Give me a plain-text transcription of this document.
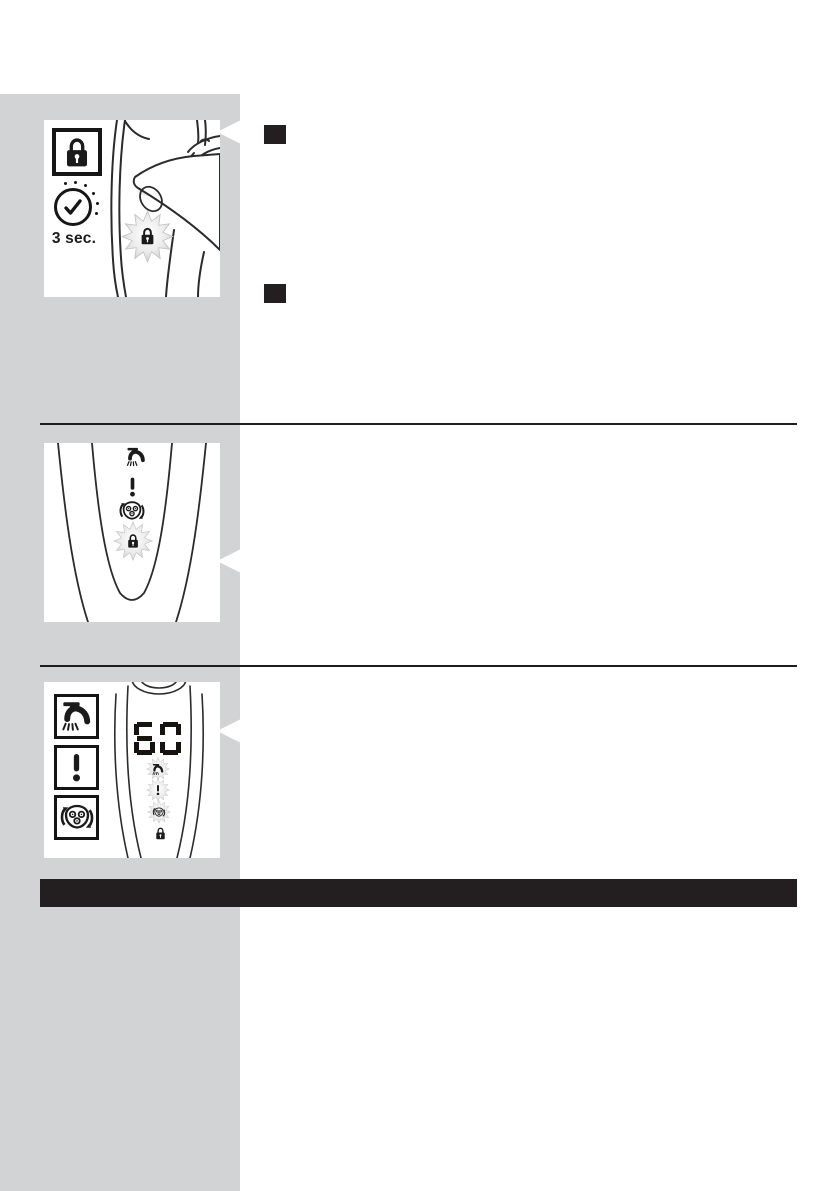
3 sec.
